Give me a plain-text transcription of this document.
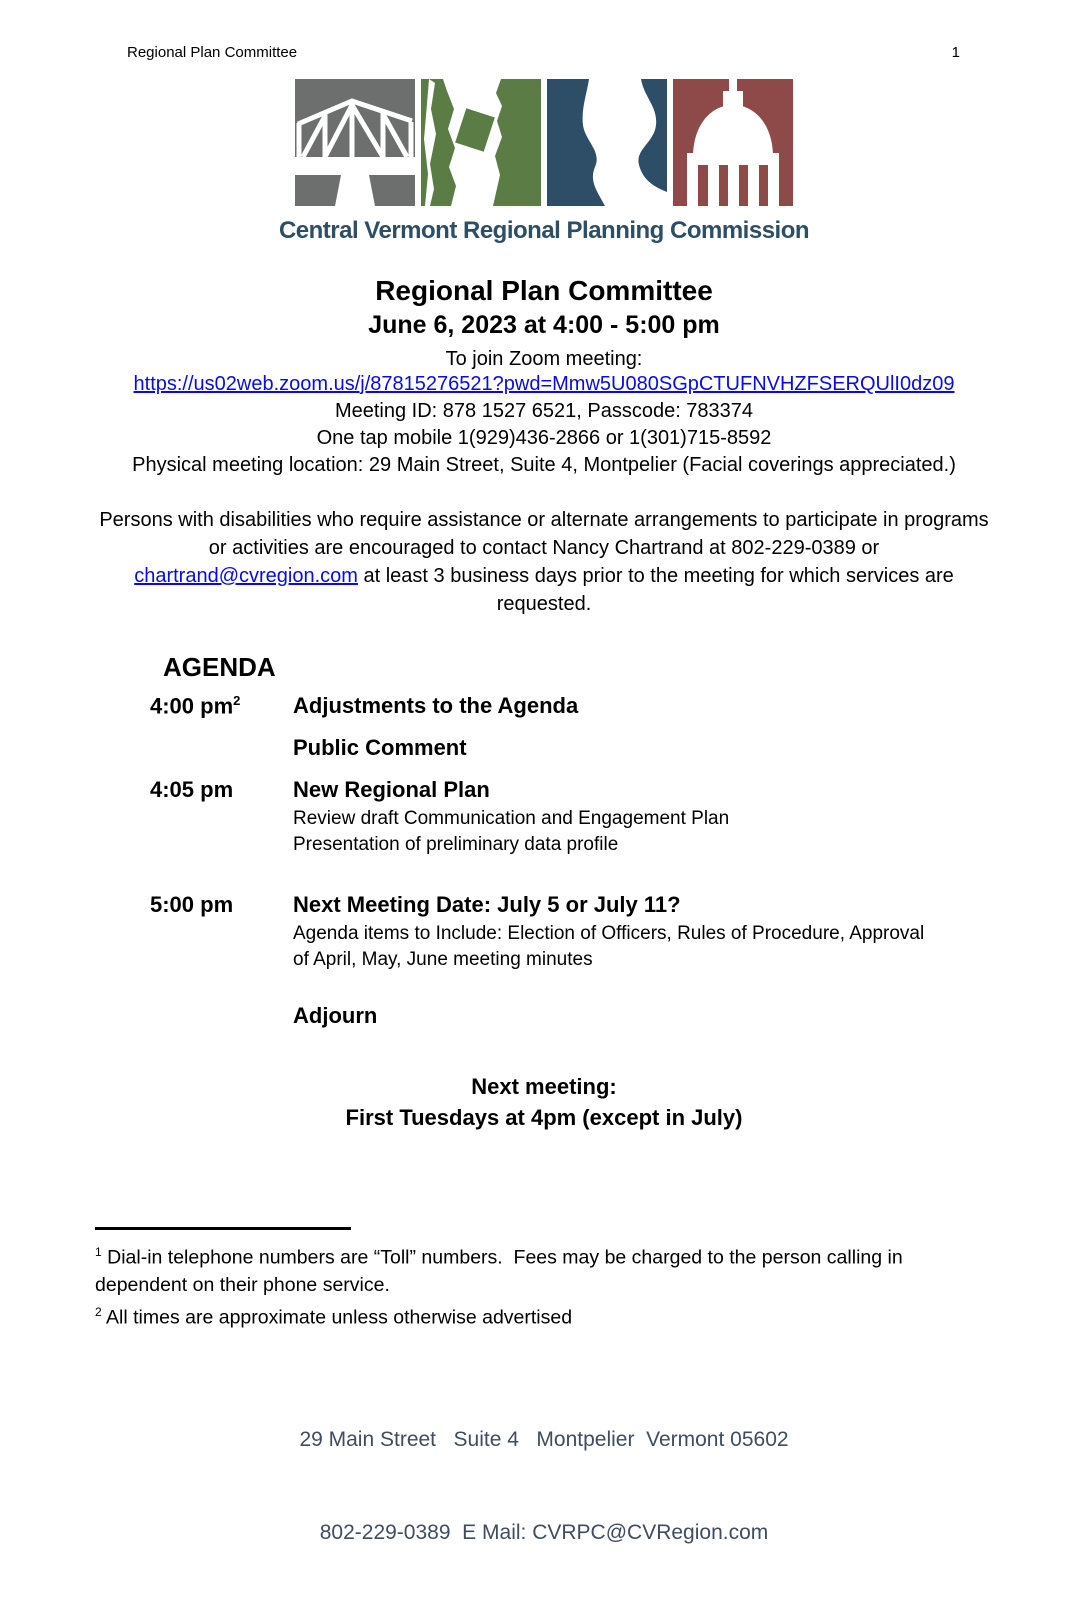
Regional Plan Committee	1
Central Vermont Regional Planning Commission
Regional Plan Committee
June 6, 2023 at 4:00 - 5:00 pm
To join Zoom meeting:
https://us02web.zoom.us/j/87815276521?pwd=Mmw5U080SGpCTUFNVHZFSERQUlI0dz09
Meeting ID: 878 1527 6521, Passcode: 783374
One tap mobile 1(929)436-2866 or 1(301)715-8592
Physical meeting location: 29 Main Street, Suite 4, Montpelier (Facial coverings appreciated.)
Persons with disabilities who require assistance or alternate arrangements to participate in programs or activities are encouraged to contact Nancy Chartrand at 802-229-0389 or chartrand@cvregion.com at least 3 business days prior to the meeting for which services are requested.
AGENDA
4:00 $pm^2$	Adjustments to the Agenda
Public Comment
4:05 pm	New Regional Plan
Review draft Communication and Engagement Plan
Presentation of preliminary data profile
5:00 pm	Next Meeting Date: July 5 or July 11?
Agenda items to Include: Election of Officers, Rules of Procedure, Approval of April, May, June meeting minutes
Adjourn
Next meeting:
First Tuesdays at 4pm (except in July)
$^1$ Dial-in telephone numbers are “Toll” numbers.  Fees may be charged to the person calling in dependent on their phone service.
$^2$ All times are approximate unless otherwise advertised

29 Main Street   Suite 4   Montpelier  Vermont 05602

802-229-0389  E Mail: CVRPC@CVRegion.com
